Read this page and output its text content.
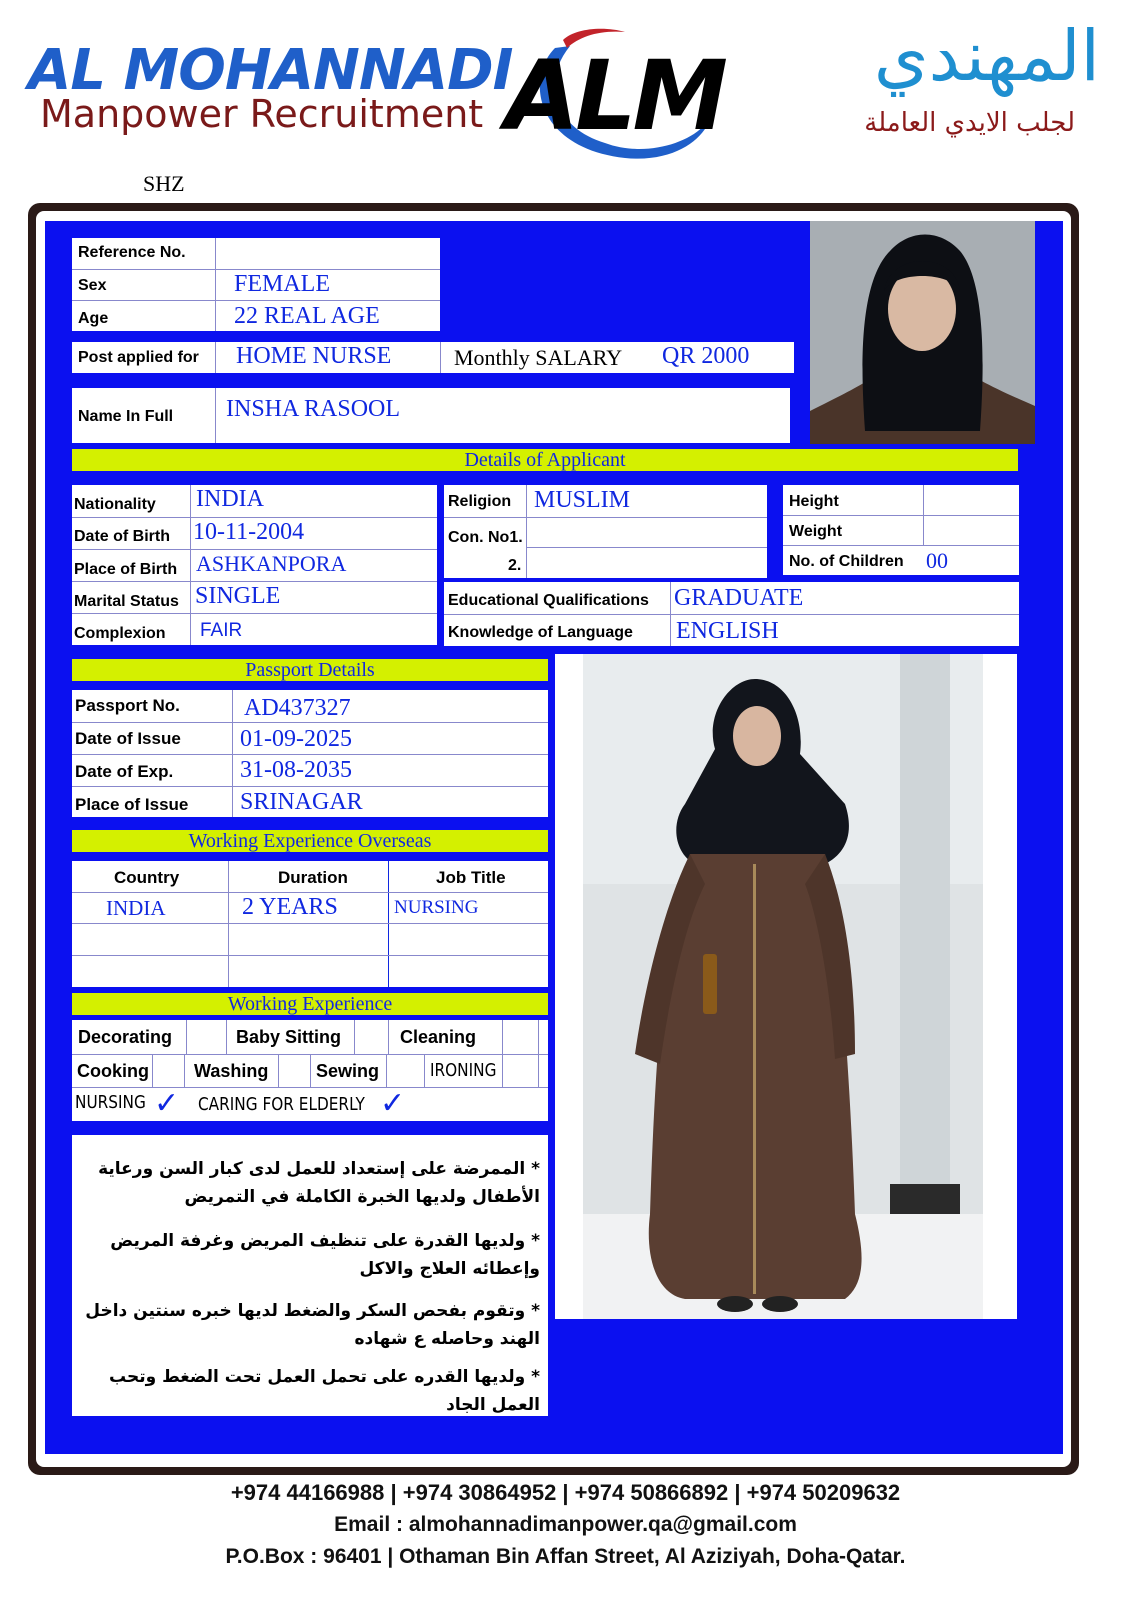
AL MOHANNADI
Manpower Recruitment ALM	المهندي
لجلب الايدي العاملة
SHZ
Reference No.
Sex	FEMALE
Age	22 REAL AGE
Post applied for HOME NURSE	Monthly SALARY QR 2000
Name In Full INSHA RASOOL
Details of Applicant
Nationality INDIA
Date of Birth 10-11-2004
Place of Birth ASHKANPORA
Marital Status SINGLE
Complexion FAIR
Religion MUSLIM
Con. No1.
2.
Height
Weight
No. of Children 00
Educational Qualifications GRADUATE
Knowledge of Language ENGLISH
Passport Details
Passport No.	AD437327
Date of Issue 01-09-2025
Date of Exp.	31-08-2035
Place of Issue SRINAGAR
Working Experience Overseas
Country	Duration	Job Title
INDIA	2 YEARS	NURSING
Working Experience
Decorating	Baby Sitting	Cleaning
Cooking	Washing	Sewing	IRONING
NURSING ✓ CARING FOR ELDERLY ✓
* الممرضة على إستعداد للعمل لدى كبار السن ورعاية الأطفال ولديها الخبرة الكاملة في التمريض
* ولديها القدرة على تنظيف المريض وغرفة المريض وإعطائه العلاج والاكل
* وتقوم بفحص السكر والضغط لديها خبره سنتين داخل الهند وحاصله ع شهاده
* ولديها القدره على تحمل العمل تحت الضغط وتحب العمل الجاد
+974 44166988 | +974 30864952 | +974 50866892 | +974 50209632
Email : almohannadimanpower.qa@gmail.com
P.O.Box : 96401 | Othaman Bin Affan Street, Al Aziziyah, Doha-Qatar.
